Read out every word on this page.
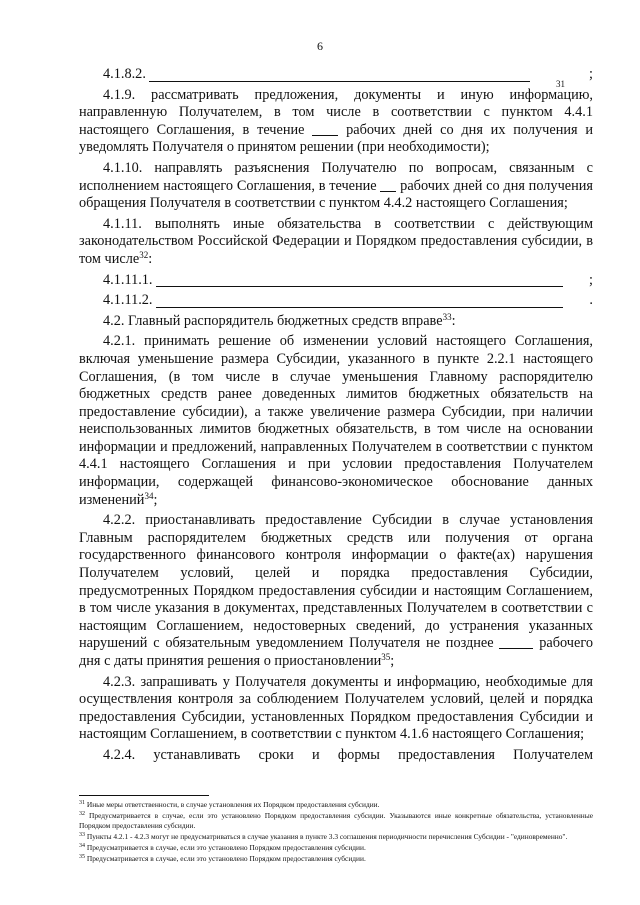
6

4.1.8.2.
31
;

4.1.9. рассматривать предложения, документы и иную информацию, направленную Получателем, в том числе в соответствии с пунктом 4.4.1 настоящего Соглашения, в течение	рабочих дней со дня их получения и уведомлять Получателя о принятом решении (при необходимости);

4.1.10. направлять разъяснения Получателю по вопросам, связанным с исполнением настоящего Соглашения, в течение рабочих дней со дня получения обращения Получателя в соответствии с пунктом 4.4.2 настоящего Соглашения;

4.1.11. выполнять иные обязательства в соответствии с действующим законодательством Российской Федерации и Порядком предоставления субсидии, в том числе$^{32}$:

4.1.11.1.	;

4.1.11.2.	.

4.2. Главный распорядитель бюджетных средств вправе$^{33}$:

4.2.1. принимать решение об изменении условий настоящего Соглашения, включая уменьшение размера Субсидии, указанного в пункте 2.2.1 настоящего Соглашения, (в том числе в случае уменьшения Главному распорядителю бюджетных средств ранее доведенных лимитов бюджетных обязательств на предоставление субсидии), а также увеличение размера Субсидии, при наличии неиспользованных лимитов бюджетных обязательств, в том числе на основании информации и предложений, направленных Получателем в соответствии с пунктом 4.4.1 настоящего Соглашения и при условии предоставления Получателем информации, содержащей финансово-экономическое обоснование данных изменений$^{34}$;

4.2.2. приостанавливать предоставление Субсидии в случае установления Главным распорядителем бюджетных средств или получения от органа государственного финансового контроля информации о факте(ах) нарушения Получателем условий, целей и порядка предоставления Субсидии, предусмотренных Порядком предоставления субсидии и настоящим Соглашением, в том числе указания в документах, представленных Получателем в соответствии с настоящим Соглашением, недостоверных сведений, до устранения указанных нарушений с обязательным уведомлением Получателя не позднее	рабочего дня с даты принятия решения о приостановлении$^{35}$;

4.2.3. запрашивать у Получателя документы и информацию, необходимые для осуществления контроля за соблюдением Получателем условий, целей и порядка предоставления Субсидии, установленных Порядком предоставления Субсидии и настоящим Соглашением, в соответствии с пунктом 4.1.6 настоящего Соглашения;

4.2.4. устанавливать сроки и формы предоставления Получателем

$^{31}$ Иные меры ответственности, в случае установления их Порядком предоставления субсидии.
$^{32}$ Предусматривается в случае, если это установлено Порядком предоставления субсидии. Указываются иные конкретные обязательства, установленные Порядком предоставления субсидии.
$^{33}$ Пункты 4.2.1 - 4.2.3 могут не предусматриваться в случае указания в пункте 3.3 соглашения периодичности перечисления Субсидии - "единовременно".
$^{34}$ Предусматривается в случае, если это установлено Порядком предоставления субсидии.
$^{35}$ Предусматривается в случае, если это установлено Порядком предоставления субсидии.
